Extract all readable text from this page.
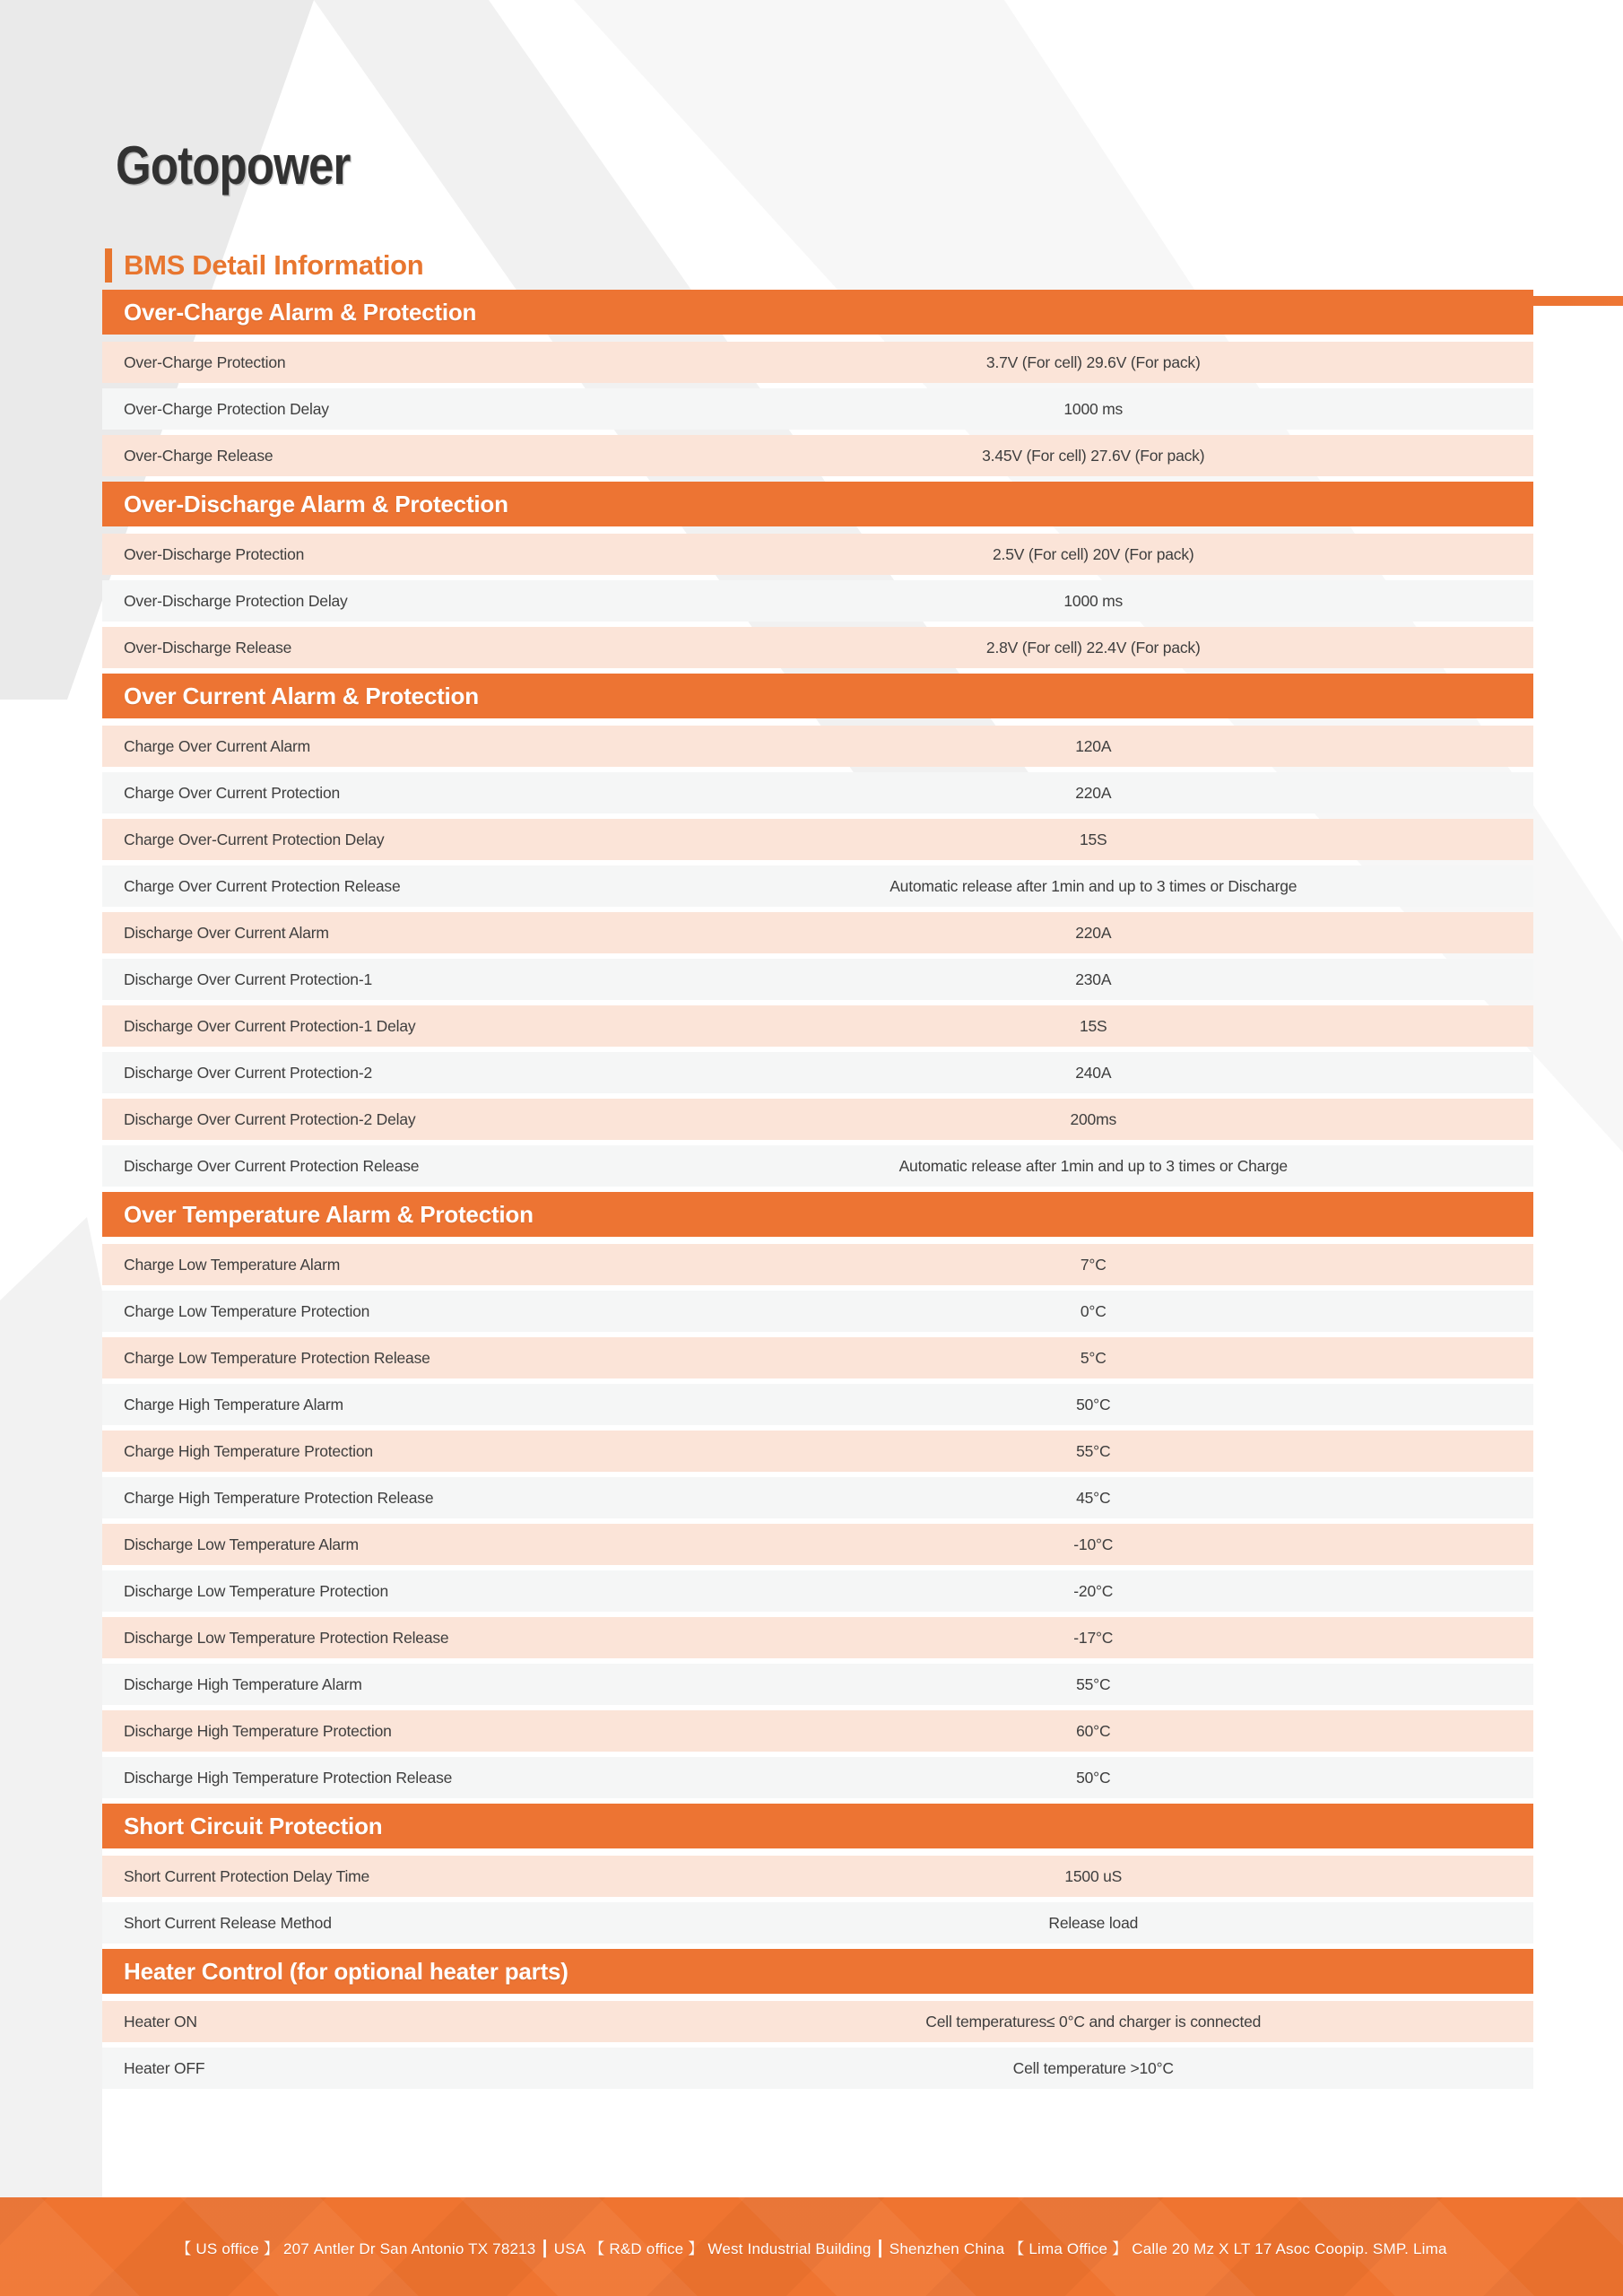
Gotopower
BMS Detail Information
Over-Charge Alarm & Protection
Over-Charge Protection	3.7V (For cell) 29.6V (For pack)
Over-Charge Protection Delay	1000 ms
Over-Charge Release	3.45V (For cell) 27.6V (For pack)
Over-Discharge Alarm & Protection
Over-Discharge Protection	2.5V (For cell) 20V (For pack)
Over-Discharge Protection Delay	1000 ms
Over-Discharge Release	2.8V (For cell) 22.4V (For pack)
Over Current Alarm & Protection
Charge Over Current Alarm	120A
Charge Over Current Protection	220A
Charge Over-Current Protection Delay	15S
Charge Over Current Protection Release	Automatic release after 1min and up to 3 times or Discharge
Discharge Over Current Alarm	220A
Discharge Over Current Protection-1	230A
Discharge Over Current Protection-1 Delay	15S
Discharge Over Current Protection-2	240A
Discharge Over Current Protection-2 Delay	200ms
Discharge Over Current Protection Release	Automatic release after 1min and up to 3 times or Charge
Over Temperature Alarm & Protection
Charge Low Temperature Alarm	7°C
Charge Low Temperature Protection	0°C
Charge Low Temperature Protection Release	5°C
Charge High Temperature Alarm	50°C
Charge High Temperature Protection	55°C
Charge High Temperature Protection Release	45°C
Discharge Low Temperature Alarm	-10°C
Discharge Low Temperature Protection	-20°C
Discharge Low Temperature Protection Release	-17°C
Discharge High Temperature Alarm	55°C
Discharge High Temperature Protection	60°C
Discharge High Temperature Protection Release	50°C
Short Circuit Protection
Short Current Protection Delay Time	1500 uS
Short Current Release Method	Release load
Heater Control (for optional heater parts)
Heater ON	Cell temperatures≤ 0°C and charger is connected
Heater OFF	Cell temperature >10°C
【 US office 】 207 Antler Dr San Antonio TX 78213 ┃ USA 【 R&D office 】 West Industrial Building ┃ Shenzhen China 【 Lima Office 】 Calle 20 Mz X LT 17 Asoc Coopip. SMP. Lima
